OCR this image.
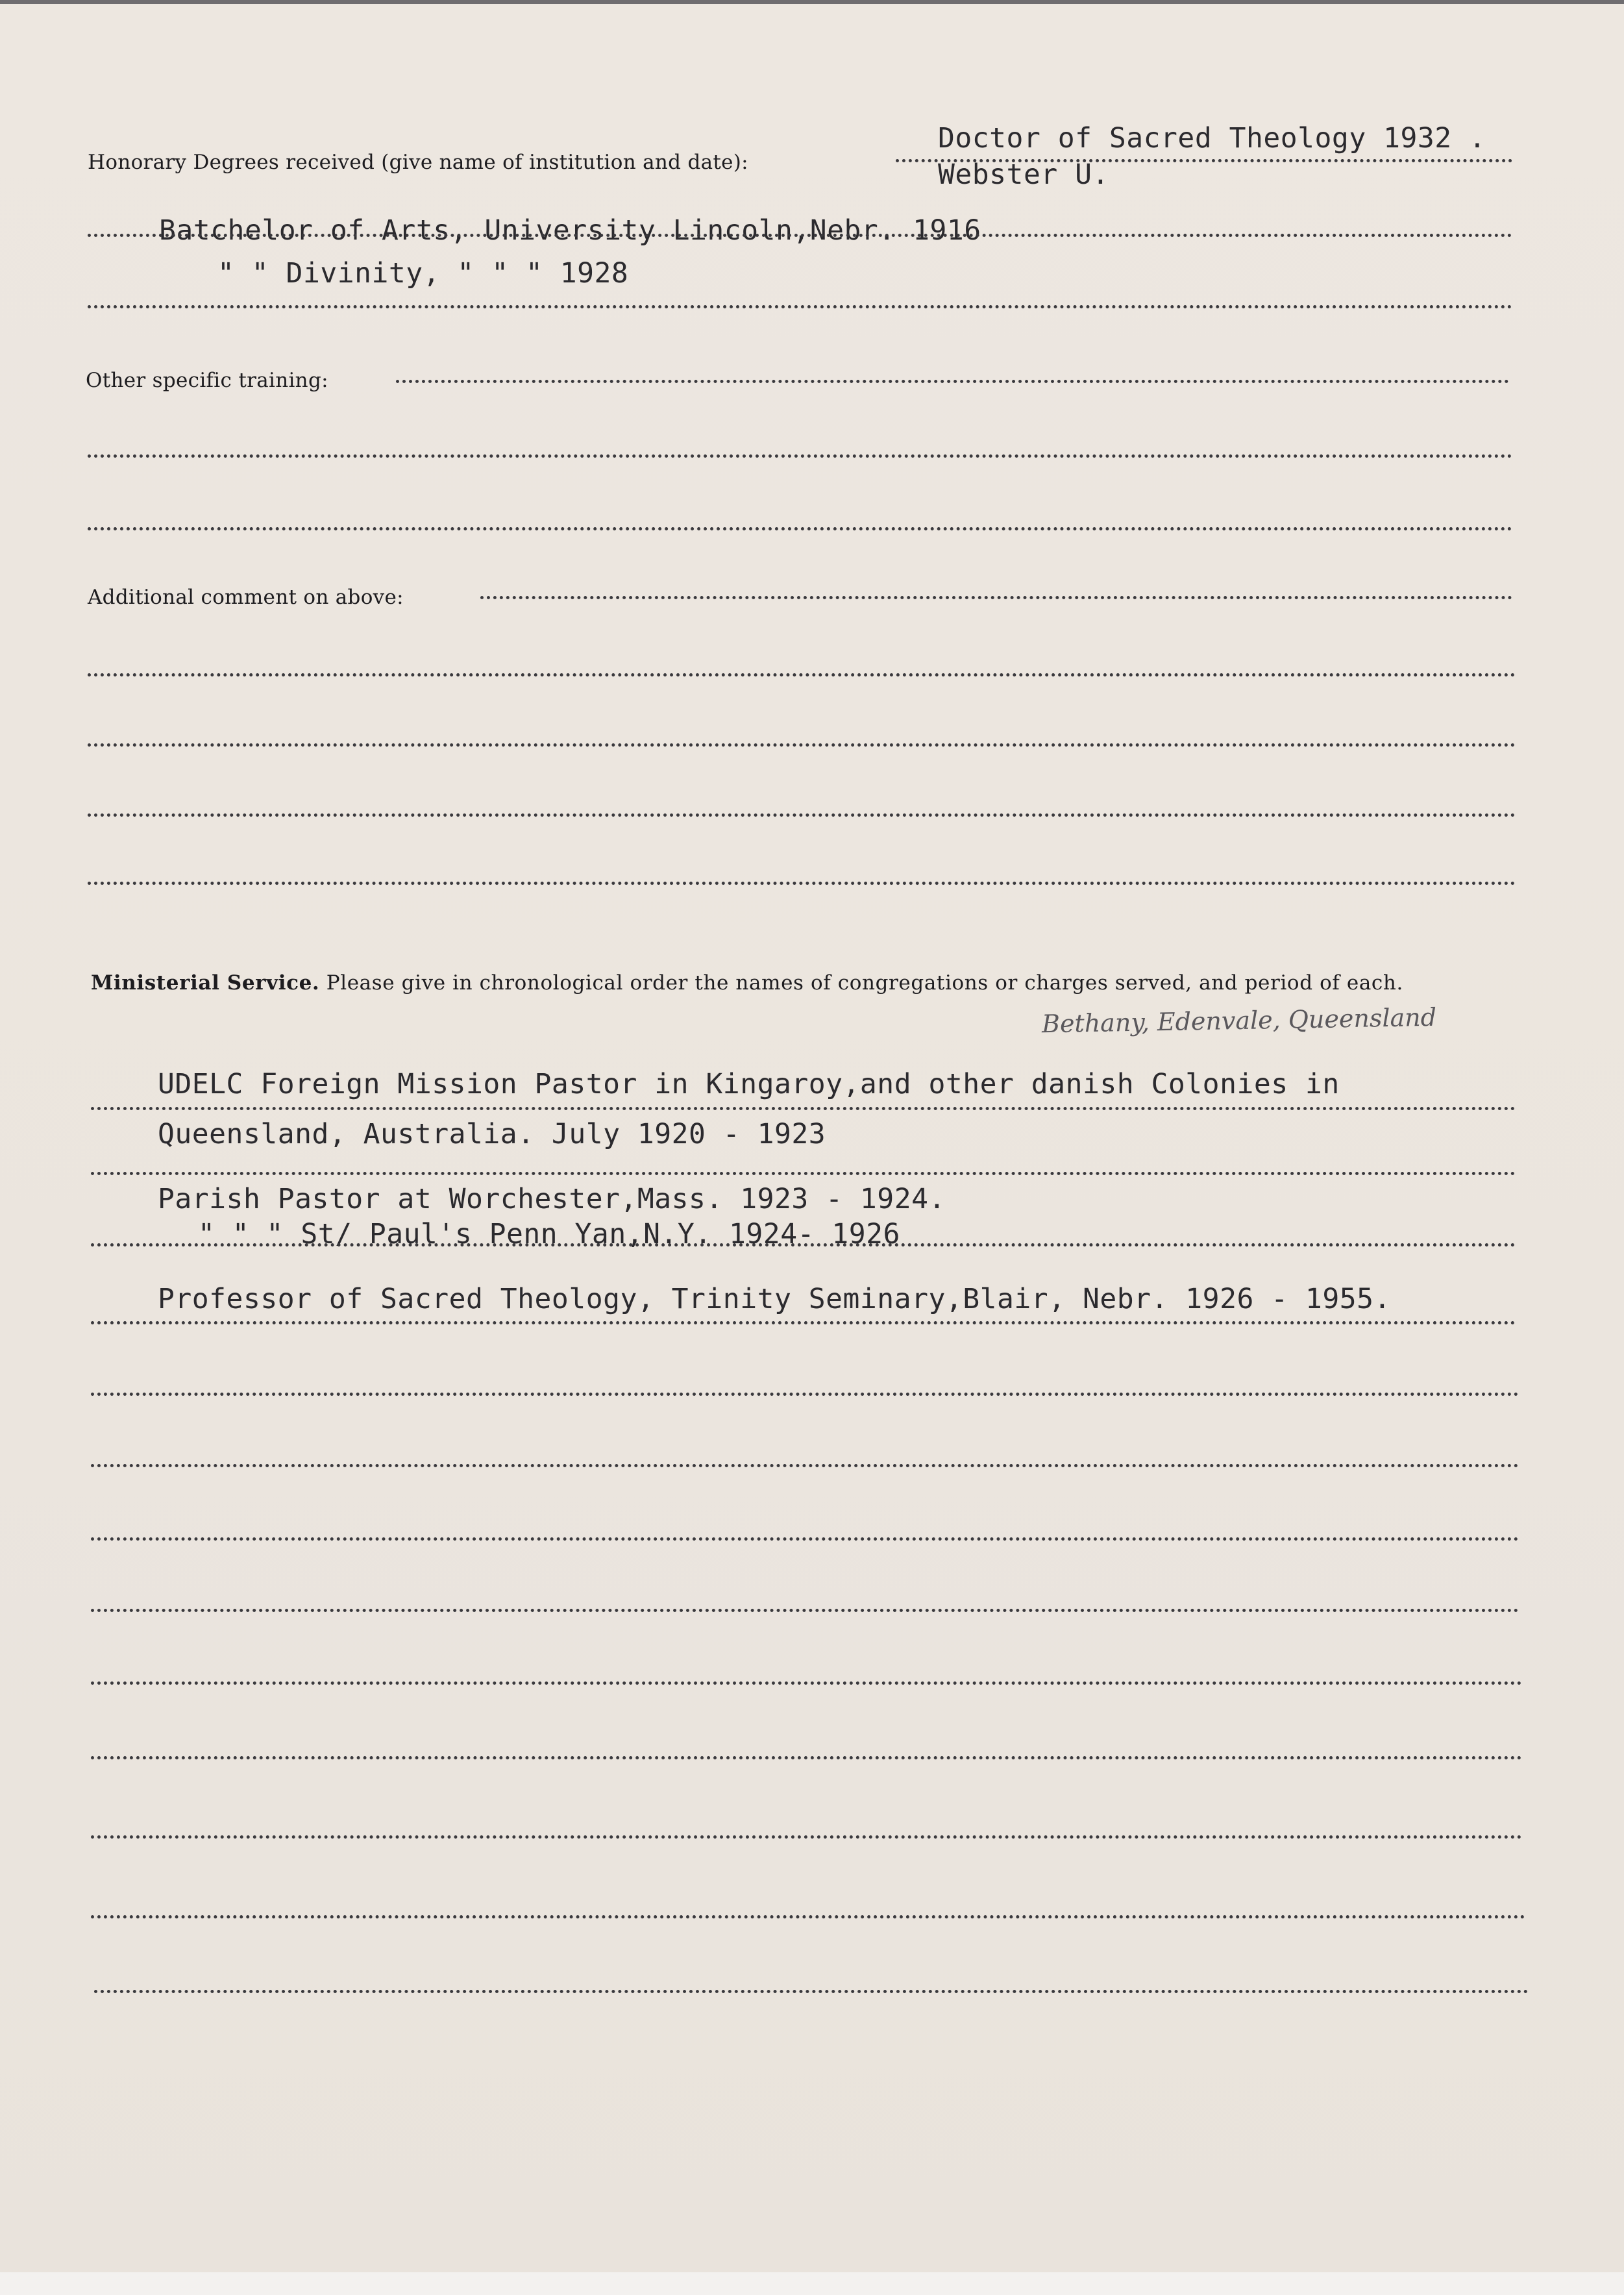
Honorary Degrees received (give name of institution and date):
Doctor of Sacred Theology 1932 .
Webster U.
Batchelor of Arts, University Lincoln,Nebr. 1916
" " Divinity, " " " 1928
Other specific training:
Additional comment on above:
Ministerial Service. Please give in chronological order the names of congregations or charges served, and period of each.
Bethany, Edenvale, Queensland
UDELC Foreign Mission Pastor in Kingaroy,and other danish Colonies in
Queensland, Australia. July 1920 - 1923
Parish Pastor at Worchester,Mass. 1923 - 1924.
" " " St/ Paul's Penn Yan,N.Y. 1924- 1926
Professor of Sacred Theology, Trinity Seminary,Blair, Nebr. 1926 - 1955.
